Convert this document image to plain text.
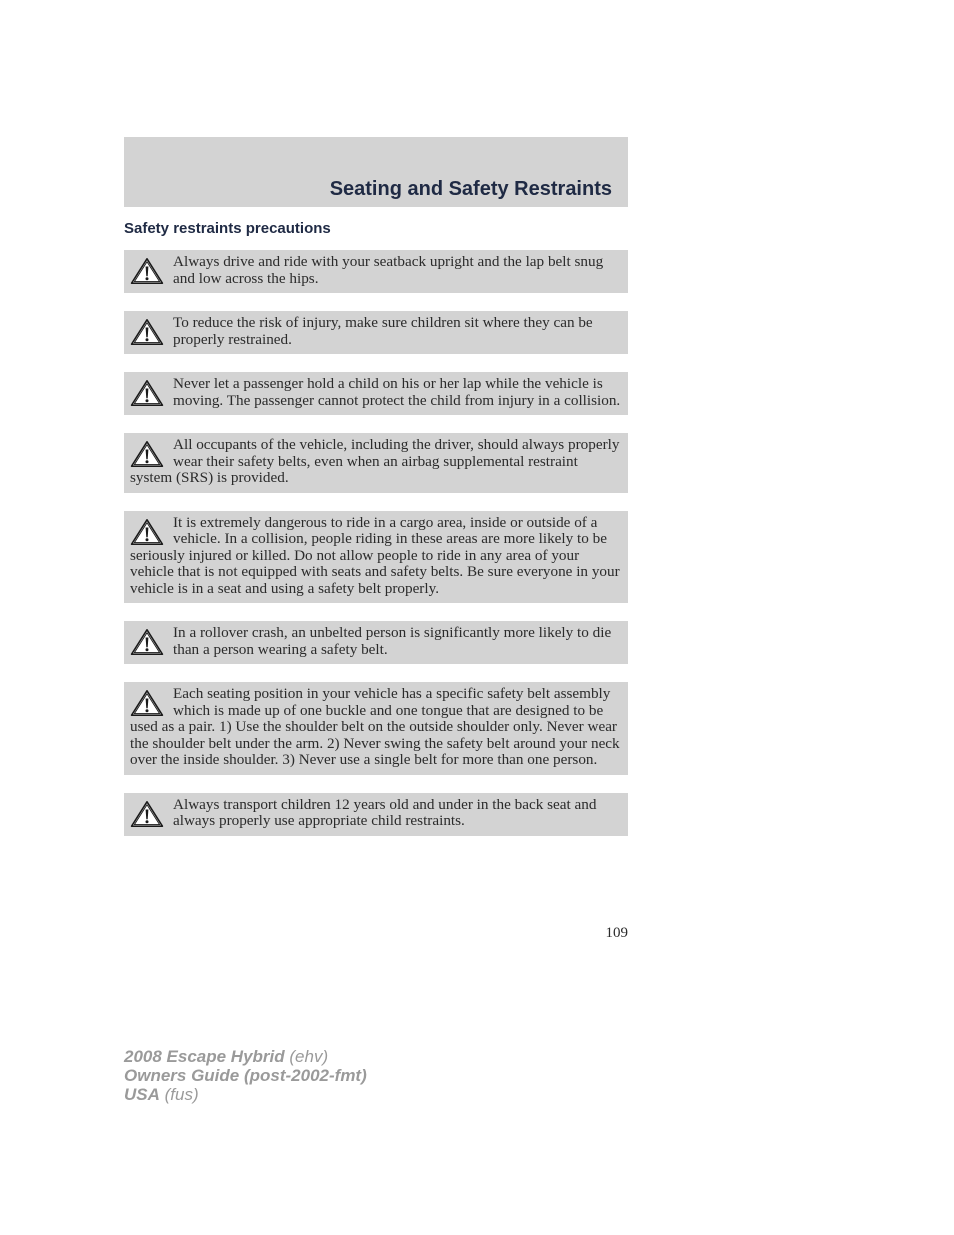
Seating and Safety Restraints
Safety restraints precautions
Always drive and ride with your seatback upright and the lap belt snug and low across the hips.
To reduce the risk of injury, make sure children sit where they can be properly restrained.
Never let a passenger hold a child on his or her lap while the vehicle is moving. The passenger cannot protect the child from injury in a collision.
All occupants of the vehicle, including the driver, should always properly wear their safety belts, even when an airbag supplemental restraint system (SRS) is provided.
It is extremely dangerous to ride in a cargo area, inside or outside of a vehicle. In a collision, people riding in these areas are more likely to be seriously injured or killed. Do not allow people to ride in any area of your vehicle that is not equipped with seats and safety belts. Be sure everyone in your vehicle is in a seat and using a safety belt properly.
In a rollover crash, an unbelted person is significantly more likely to die than a person wearing a safety belt.
Each seating position in your vehicle has a specific safety belt assembly which is made up of one buckle and one tongue that are designed to be used as a pair. 1) Use the shoulder belt on the outside shoulder only. Never wear the shoulder belt under the arm. 2) Never swing the safety belt around your neck over the inside shoulder. 3) Never use a single belt for more than one person.
Always transport children 12 years old and under in the back seat and always properly use appropriate child restraints.
109
2008 Escape Hybrid (ehv)
Owners Guide (post-2002-fmt)
USA (fus)
